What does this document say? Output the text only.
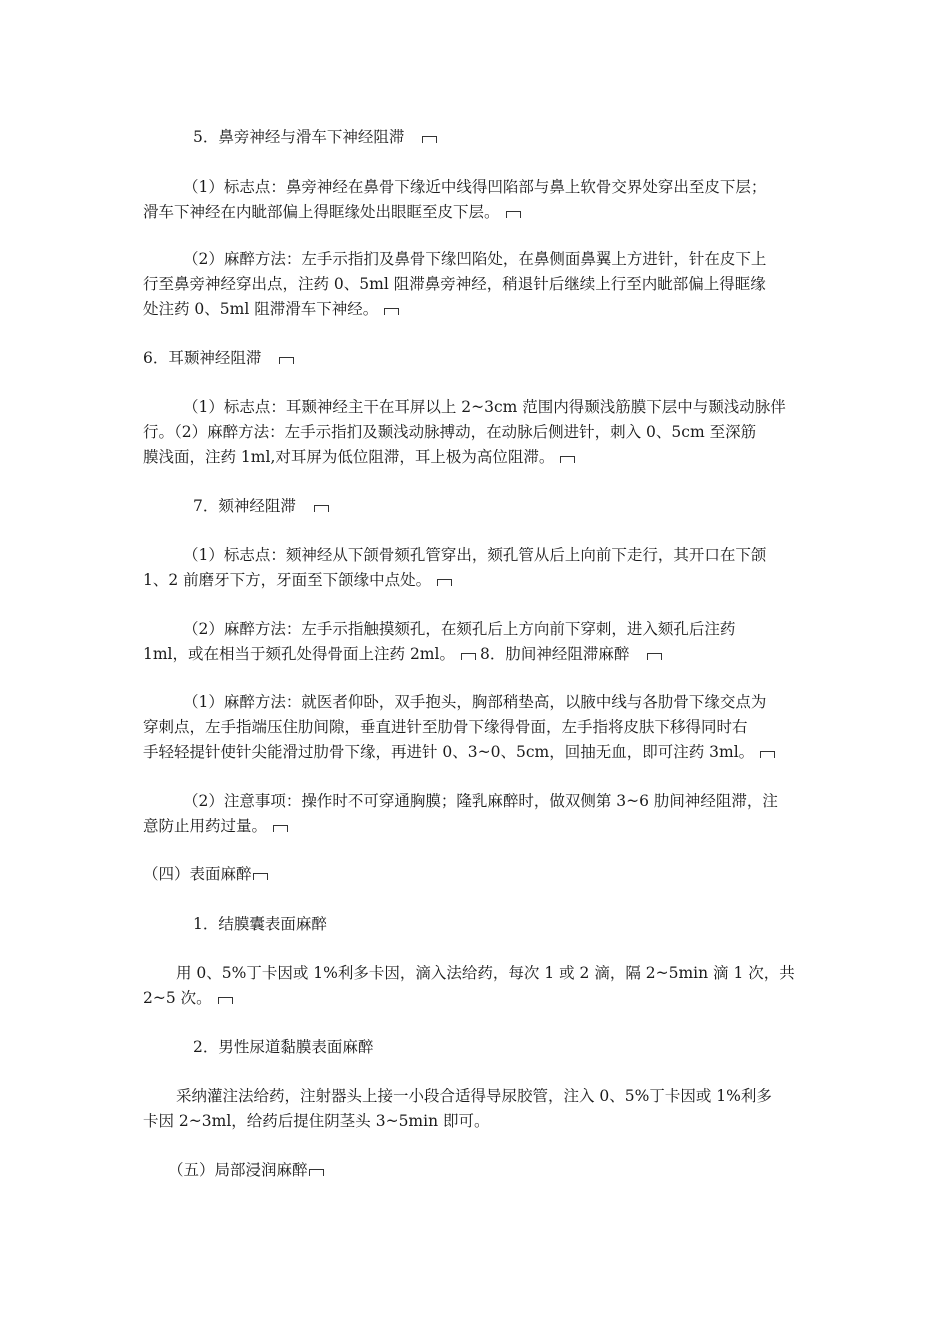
5．鼻旁神经与滑车下神经阻滞
（1）标志点：鼻旁神经在鼻骨下缘近中线得凹陷部与鼻上软骨交界处穿出至皮下层；
滑车下神经在内眦部偏上得眶缘处出眼眶至皮下层。
（2）麻醉方法：左手示指扪及鼻骨下缘凹陷处，在鼻侧面鼻翼上方进针，针在皮下上
行至鼻旁神经穿出点，注药 0、5ml 阻滞鼻旁神经，稍退针后继续上行至内眦部偏上得眶缘
处注药 0、5ml 阻滞滑车下神经。
6．耳颞神经阻滞
（1）标志点：耳颞神经主干在耳屏以上 2~3cm 范围内得颞浅筋膜下层中与颞浅动脉伴
行。（2）麻醉方法：左手示指扪及颞浅动脉搏动，在动脉后侧进针，刺入 0、5cm 至深筋
膜浅面，注药 1ml,对耳屏为低位阻滞，耳上极为高位阻滞。
7．颏神经阻滞
（1）标志点：颏神经从下颌骨颏孔管穿出，颏孔管从后上向前下走行，其开口在下颌
1、2 前磨牙下方，牙面至下颌缘中点处。
（2）麻醉方法：左手示指触摸颏孔，在颏孔后上方向前下穿刺，进入颏孔后注药
1ml，或在相当于颏孔处得骨面上注药 2ml。 8．肋间神经阻滞麻醉
（1）麻醉方法：就医者仰卧，双手抱头，胸部稍垫高，以腋中线与各肋骨下缘交点为
穿刺点，左手指端压住肋间隙，垂直进针至肋骨下缘得骨面，左手指将皮肤下移得同时右
手轻轻提针使针尖能滑过肋骨下缘，再进针 0、3~0、5cm，回抽无血，即可注药 3ml。
（2）注意事项：操作时不可穿通胸膜；隆乳麻醉时，做双侧第 3~6 肋间神经阻滞，注
意防止用药过量。
（四）表面麻醉
1．结膜囊表面麻醉
用 0、5%丁卡因或 1%利多卡因，滴入法给药，每次 1 或 2 滴，隔 2~5min 滴 1 次，共
2~5 次。
2．男性尿道黏膜表面麻醉
采纳灌注法给药，注射器头上接一小段合适得导尿胶管，注入 0、5%丁卡因或 1%利多
卡因 2~3ml，给药后提住阴茎头 3~5min 即可。
（五）局部浸润麻醉
